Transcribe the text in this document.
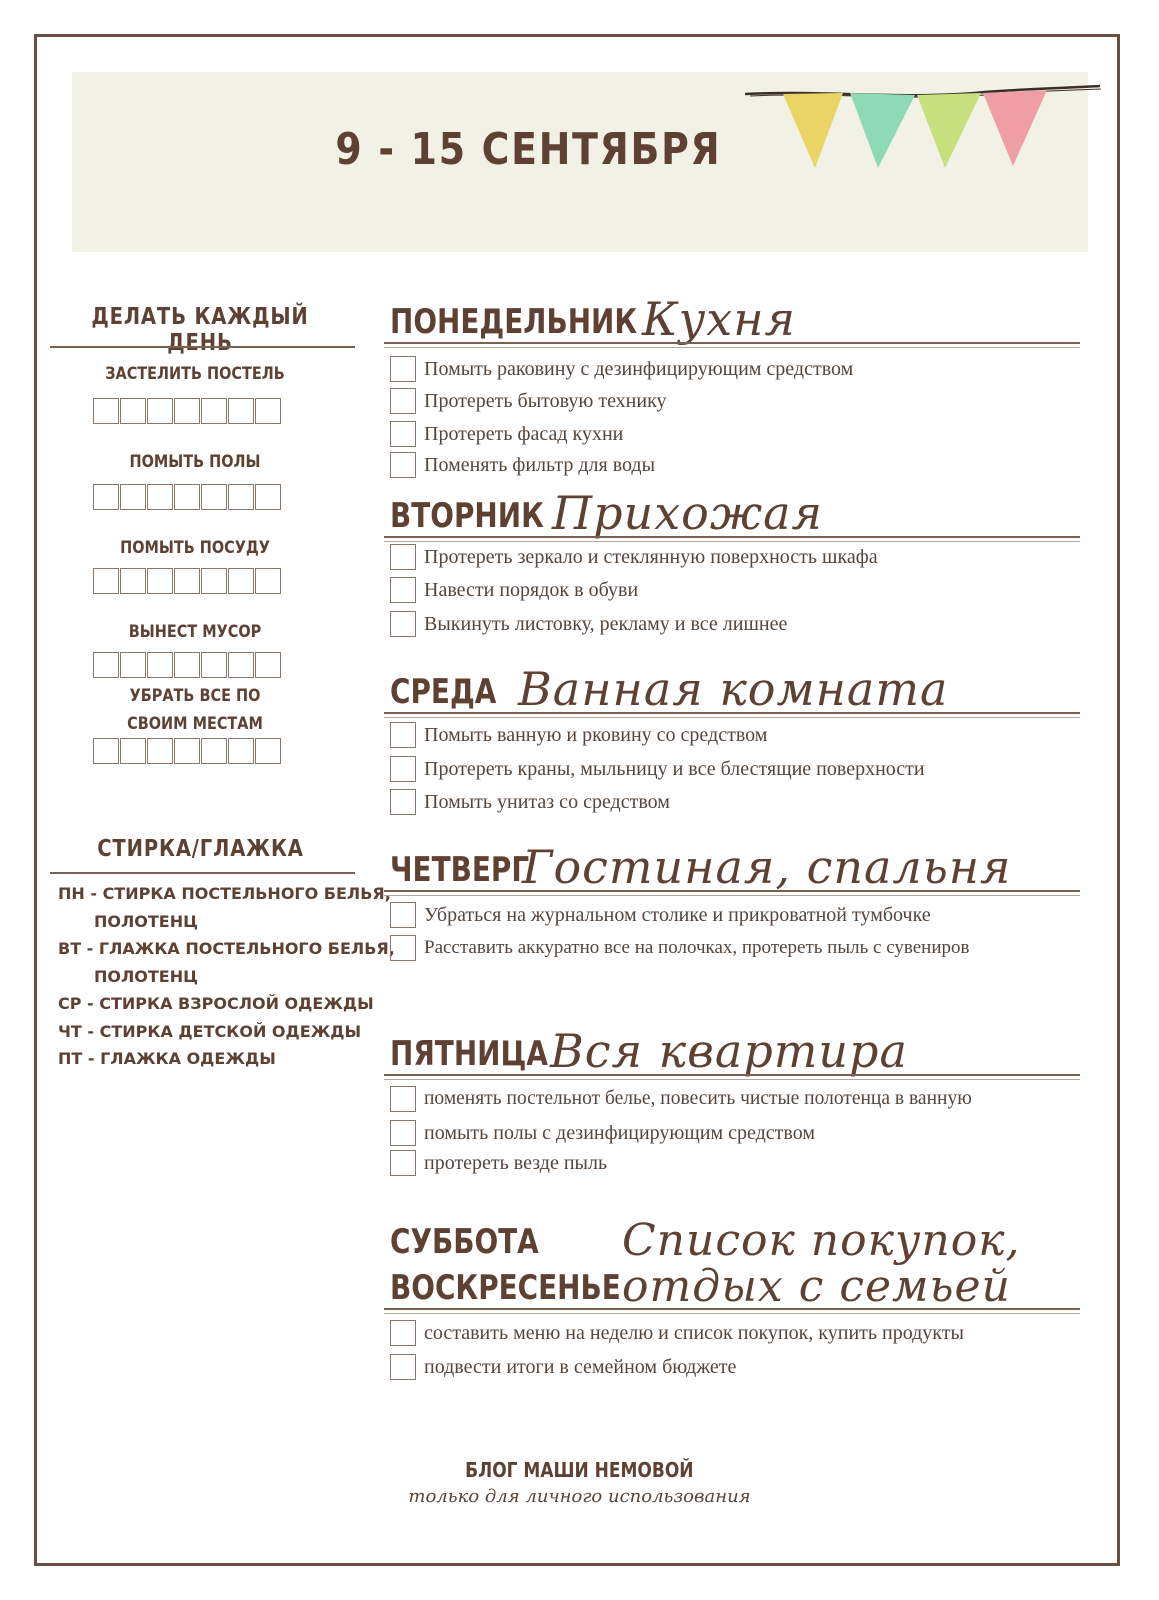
9 - 15 СЕНТЯБРЯ
ДЕЛАТЬ КАЖДЫЙ ДЕНЬ
ЗАСТЕЛИТЬ ПОСТЕЛЬ
ПОМЫТЬ ПОЛЫ
ПОМЫТЬ ПОСУДУ
ВЫНЕСТ МУСОР
УБРАТЬ ВСЕ ПО
СВОИМ МЕСТАМ
СТИРКА/ГЛАЖКА
ПН - СТИРКА ПОСТЕЛЬНОГО БЕЛЬЯ,
ПОЛОТЕНЦ
ВТ - ГЛАЖКА ПОСТЕЛЬНОГО БЕЛЬЯ,
ПОЛОТЕНЦ
СР - СТИРКА ВЗРОСЛОЙ ОДЕЖДЫ
ЧТ - СТИРКА ДЕТСКОЙ ОДЕЖДЫ
ПТ - ГЛАЖКА ОДЕЖДЫ
ПОНЕДЕЛЬНИК Кухня
Помыть раковину с дезинфицирующим средством
Протереть бытовую технику
Протереть фасад кухни
Поменять фильтр для воды
ВТОРНИК Прихожая
Протереть зеркало и стеклянную поверхность шкафа
Навести порядок в обуви
Выкинуть листовку, рекламу и все лишнее
СРЕДА Ванная комната
Помыть ванную и рковину со средством
Протереть краны, мыльницу и все блестящие поверхности
Помыть унитаз со средством
ЧЕТВЕРГ
Гостиная, спальня
Убраться на журнальном столике и прикроватной тумбочке
Расставить аккуратно все на полочках, протереть пыль с сувениров
ПЯТНИЦА Вся квартира
поменять постельнот белье, повесить чистые полотенца в ванную
помыть полы с дезинфицирующим средством
протереть везде пыль
СУББОТА
ВОСКРЕСЕНЬЕ
Список покупок,
отдых с семьей
составить меню на неделю и список покупок, купить продукты
подвести итоги в семейном бюджете
БЛОГ МАШИ НЕМОВОЙ
только для личного использования
